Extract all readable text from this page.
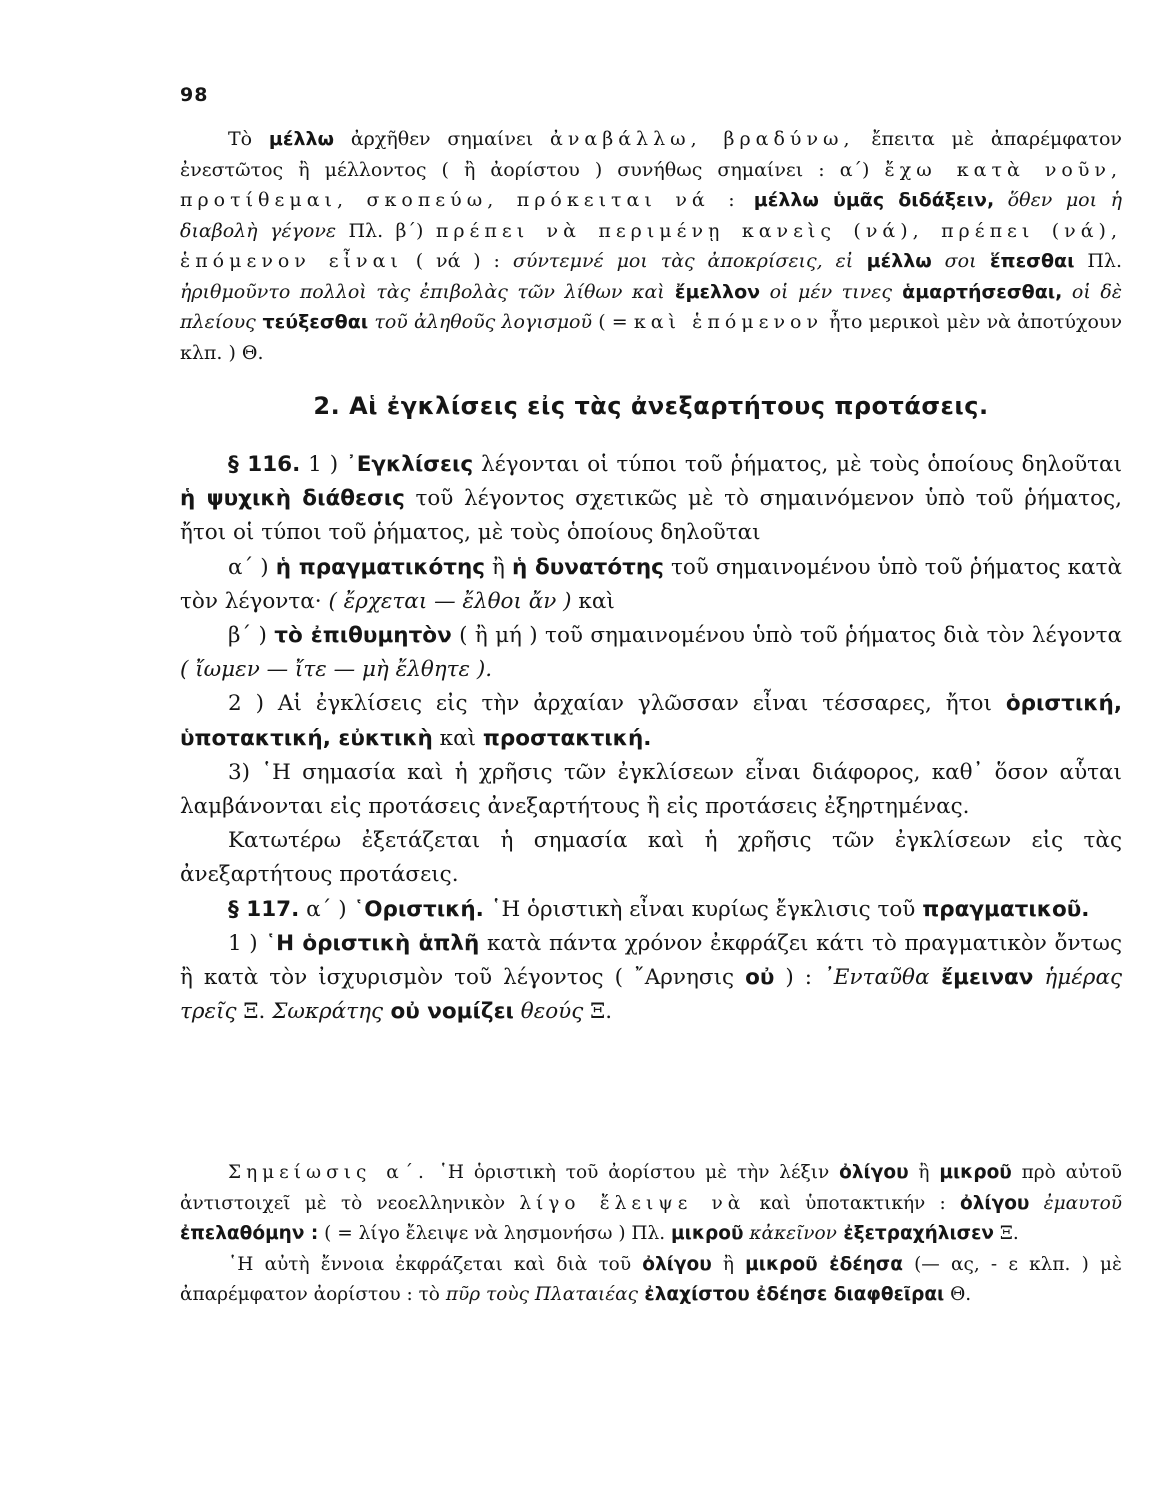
98

Τὸ μέλλω ἀρχῆθεν σημαίνει ἀναβάλλω, βραδύνω, ἔπειτα μὲ ἀπαρέμφατον ἐνεστῶτος ἢ μέλλοντος ( ἢ ἀορίστου ) συνήθως σημαίνει : α΄) ἔχω κατὰ νοῦν, προτίθεμαι, σκοπεύω, πρόκειται νά : μέλλω ὑμᾶς διδάξειν, ὅθεν μοι ἡ διαβολὴ γέγονε Πλ. β΄) πρέπει νὰ περιμένῃ κανεὶς (νά), πρέπει (νά), ἑπόμενον εἶναι ( νά ) : σύντεμνέ μοι τὰς ἀποκρίσεις, εἰ μέλλω σοι ἕπεσθαι Πλ. ἠριθμοῦντο πολλοὶ τὰς ἐπιβολὰς τῶν λίθων καὶ ἔμελλον οἱ μέν τινες ἁμαρτήσεσθαι, οἱ δὲ πλείους τεύξεσθαι τοῦ ἀληθοῦς λογισμοῦ ( = καὶ ἑπόμενον ἦτο μερικοὶ μὲν νὰ ἀποτύχουν κλπ. ) Θ.

2. Αἱ ἐγκλίσεις εἰς τὰς ἀνεξαρτήτους προτάσεις.

§ 116. 1 ) ᾿Εγκλίσεις λέγονται οἱ τύποι τοῦ ῥήματος, μὲ τοὺς ὁποίους δηλοῦται ἡ ψυχικὴ διάθεσις τοῦ λέγοντος σχετικῶς μὲ τὸ σημαινόμενον ὑπὸ τοῦ ῥήματος, ἤτοι οἱ τύποι τοῦ ῥήματος, μὲ τοὺς ὁποίους δηλοῦται

α΄ ) ἡ πραγματικότης ἢ ἡ δυνατότης τοῦ σημαινομένου ὑπὸ τοῦ ῥήματος κατὰ τὸν λέγοντα· ( ἔρχεται — ἔλθοι ἄν ) καὶ

β΄ ) τὸ ἐπιθυμητὸν ( ἢ μή ) τοῦ σημαινομένου ὑπὸ τοῦ ῥήματος διὰ τὸν λέγοντα ( ἴωμεν — ἴτε — μὴ ἔλθητε ).

2 ) Αἱ ἐγκλίσεις εἰς τὴν ἀρχαίαν γλῶσσαν εἶναι τέσσαρες, ἤτοι ὁριστική, ὑποτακτική, εὐκτικὴ καὶ προστακτική.

3) ῾Η σημασία καὶ ἡ χρῆσις τῶν ἐγκλίσεων εἶναι διάφορος, καθ᾿ ὅσον αὗται λαμβάνονται εἰς προτάσεις ἀνεξαρτήτους ἢ εἰς προτάσεις ἐξηρτημένας.

Κατωτέρω ἐξετάζεται ἡ σημασία καὶ ἡ χρῆσις τῶν ἐγκλίσεων εἰς τὰς ἀνεξαρτήτους προτάσεις.

§ 117. α΄ ) ῾Οριστική. ῾Η ὁριστικὴ εἶναι κυρίως ἔγκλισις τοῦ πραγματικοῦ.

1 ) ῾Η ὁριστικὴ ἁπλῆ κατὰ πάντα χρόνον ἐκφράζει κάτι τὸ πραγματικὸν ὄντως ἢ κατὰ τὸν ἰσχυρισμὸν τοῦ λέγοντος ( ῎Αρνησις οὐ ) : ᾿Ενταῦθα ἔμειναν ἡμέρας τρεῖς Ξ. Σωκράτης οὐ νομίζει θεούς Ξ.

Σημείωσις α΄. ῾Η ὁριστικὴ τοῦ ἀορίστου μὲ τὴν λέξιν ὀλίγου ἢ μικροῦ πρὸ αὐτοῦ ἀντιστοιχεῖ μὲ τὸ νεοελληνικὸν λίγο ἔλειψε νὰ καὶ ὑποτακτικήν : ὀλίγου ἐμαυτοῦ ἐπελαθόμην : ( = λίγο ἔλειψε νὰ λησμονήσω ) Πλ. μικροῦ κἀκεῖνον ἐξετραχήλισεν Ξ.

῾Η αὐτὴ ἔννοια ἐκφράζεται καὶ διὰ τοῦ ὀλίγου ἢ μικροῦ ἐδέησα (— ας, - ε κλπ. ) μὲ ἀπαρέμφατον ἀορίστου : τὸ πῦρ τοὺς Πλαταιέας ἐλαχίστου ἐδέησε διαφθεῖραι Θ.
